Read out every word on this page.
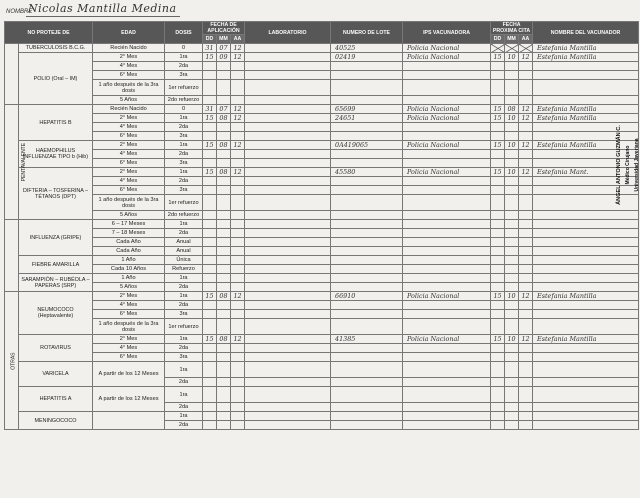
NOMBRE
Nicolas Mantilla Medina
NO PROTEJE DE		EDAD	DOSIS	FECHA DE APLICACIÓN			LABORATORIO	NUMERO DE LOTE	IPS VACUNADORA	FECHA PROXIMA CITA			NOMBRE DEL VACUNADOR
				DD	MM	AA				DD	MM	AA	
	TUBERCULOSIS B.C.G.	Recién Nacido	0	31	07	12		40525	Policia Nacional				Estefania Mantilla
	POLIO (Oral – IM)	2° Mes	1ra	15	09	12		02419	Policia Nacional	15	10	12	Estefania Mantilla
		4° Mes	2da										
		6° Mes	3ra										
		1 año después de la 3ra dosis	1er refuerzo										
		5 Años	2do refuerzo										
PENTAVALENTE	HEPATITIS B	Recién Nacido	0	31	07	12		65699	Policia Nacional	15	08	12	Estefania Mantilla
		2° Mes	1ra	15	08	12		24651	Policia Nacional	15	10	12	Estefania Mantilla
		4° Mes	2da										
		6° Mes	3ra										
	HAEMOPHILUS INFLUENZAE TIPO b (Hib)	2° Mes	1ra	15	08	12		0A419065	Policia Nacional	15	10	12	Estefania Mantilla
		4° Mes	2da										
		6° Mes	3ra										
	DIFTERIA – TOSFERINA – TÉTANOS (DPT)	2° Mes	1ra	15	08	12		45580	Policia Nacional	15	10	12	Estefania Mant.
		4° Mes	2da										
		6° Mes	3ra										
		1 año después de la 3ra dosis	1er refuerzo										
		5 Años	2do refuerzo										
	INFLUENZA (GRIPE)	6 – 17 Meses	1ra										
		7 – 18 Meses	2da										
		Cada Año	Anual										
		Cada Año	Anual										
	FIEBRE AMARILLA	1 Año	Única										
		Cada 10 Años	Refuerzo										
	SARAMPIÓN – RUBÉOLA – PAPERAS (SRP)	1 Año	1ra										
		5 Años	2da										
OTRAS	NEUMOCOCO (Heptavalente)	2° Mes	1ra	15	08	12		66910	Policia Nacional	15	10	12	Estefania Mantilla
		4° Mes	2da										
		6° Mes	3ra										
		1 año después de la 3ra dosis	1er refuerzo										
	ROTAVIRUS	2° Mes	1ra	15	08	12		41385	Policia Nacional	15	10	12	Estefania Mantilla
		4° Mes	2da										
		6° Mes	3ra										
	VARICELA	A partir de los 12 Meses	1ra										
			2da										
	HEPATITIS A	A partir de los 12 Meses	1ra										
			2da										
	MENINGOCOCO		1ra										
			2da										
ÁNGEL ANTONIO GUZMÁN C. Médico Cirujano Universidad Javeriana
